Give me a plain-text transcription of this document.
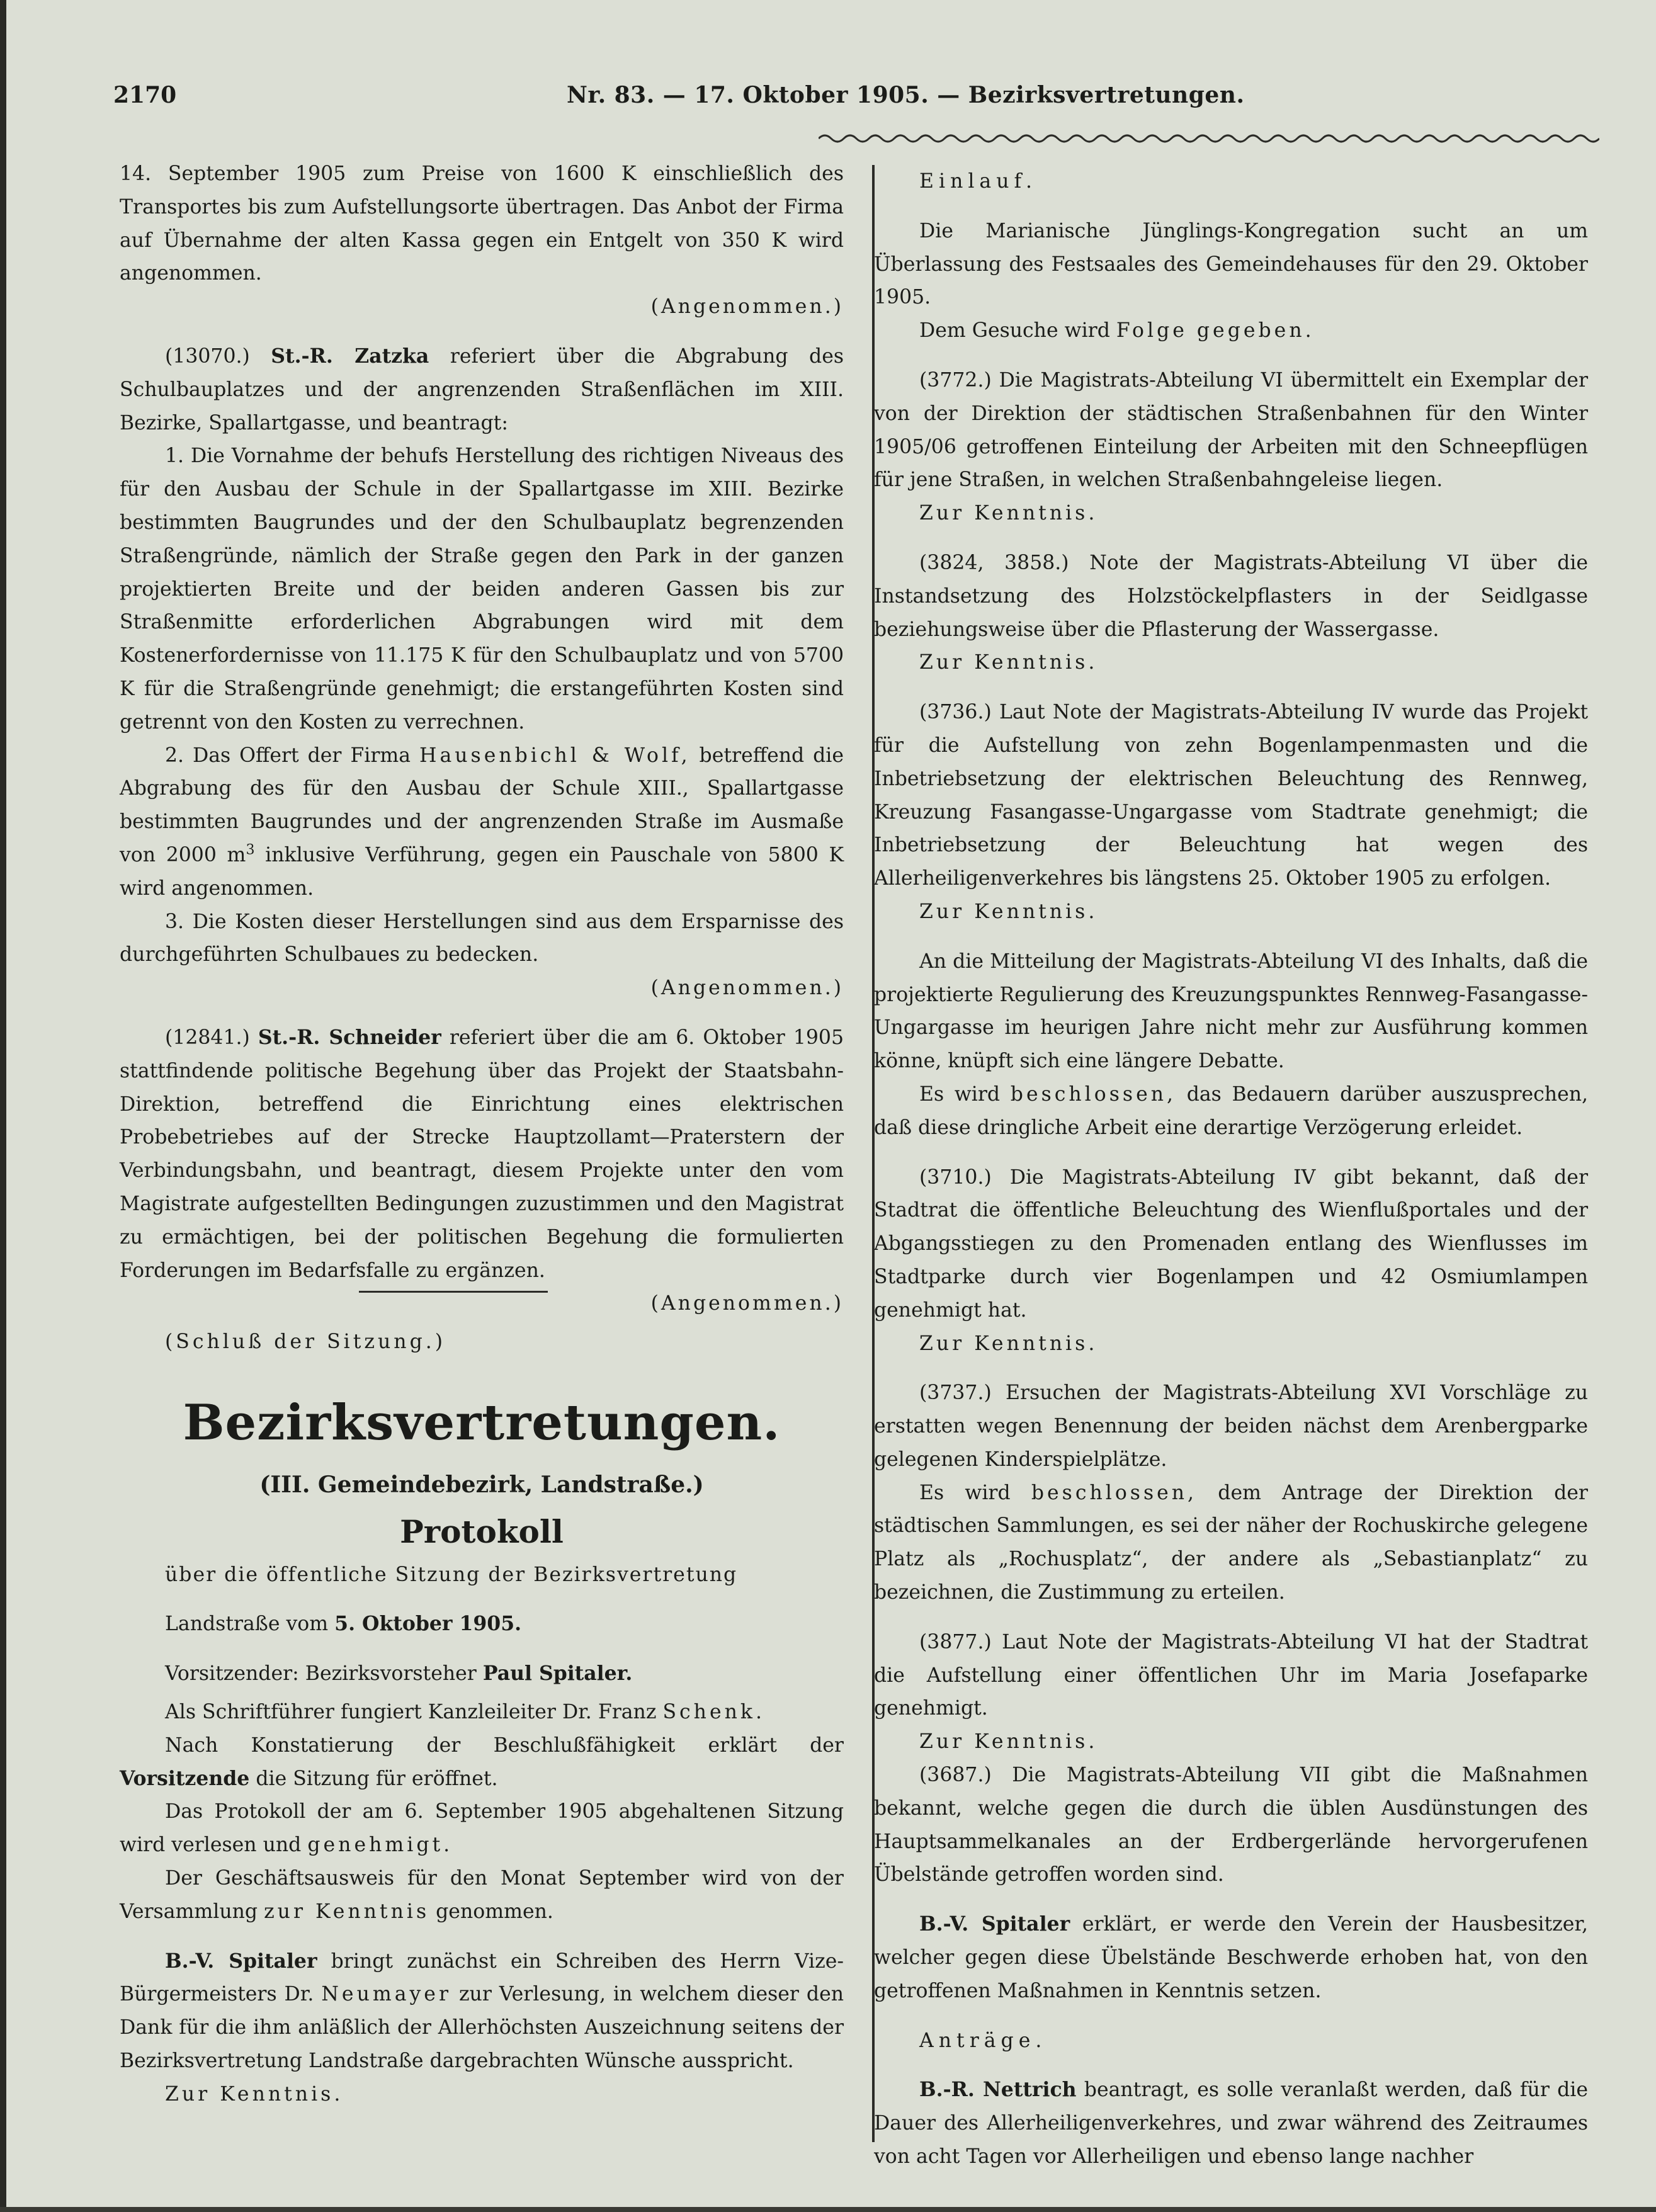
2170	Nr. 83. — 17. Oktober 1905. — Bezirksvertretungen.

14. September 1905 zum Preise von 1600 K einschließlich des Transportes bis zum Aufstellungsorte übertragen. Das Anbot der Firma auf Übernahme der alten Kassa gegen ein Entgelt von 350 K wird angenommen.
(Angenommen.)

(13070.) St.-R. Zatzka referiert über die Abgrabung des Schulbauplatzes und der angrenzenden Straßenflächen im XIII. Bezirke, Spallartgasse, und beantragt:

1. Die Vornahme der behufs Herstellung des richtigen Niveaus des für den Ausbau der Schule in der Spallartgasse im XIII. Bezirke bestimmten Baugrundes und der den Schulbauplatz begrenzenden Straßengründe, nämlich der Straße gegen den Park in der ganzen projektierten Breite und der beiden anderen Gassen bis zur Straßenmitte erforderlichen Abgrabungen wird mit dem Kostenerfordernisse von 11.175 K für den Schulbauplatz und von 5700 K für die Straßengründe genehmigt; die erstangeführten Kosten sind getrennt von den Kosten zu verrechnen.

2. Das Offert der Firma Hausenbichl & Wolf, betreffend die Abgrabung des für den Ausbau der Schule XIII., Spallartgasse bestimmten Baugrundes und der angrenzenden Straße im Ausmaße von 2000 $m^3$ inklusive Verführung, gegen ein Pauschale von 5800 K wird angenommen.

3. Die Kosten dieser Herstellungen sind aus dem Ersparnisse des durchgeführten Schulbaues zu bedecken.
(Angenommen.)

(12841.) St.-R. Schneider referiert über die am 6. Oktober 1905 stattfindende politische Begehung über das Projekt der Staatsbahn-Direktion, betreffend die Einrichtung eines elektrischen Probebetriebes auf der Strecke Hauptzollamt—Praterstern der Verbindungsbahn, und beantragt, diesem Projekte unter den vom Magistrate aufgestellten Bedingungen zuzustimmen und den Magistrat zu ermächtigen, bei der politischen Begehung die formulierten Forderungen im Bedarfsfalle zu ergänzen.
(Angenommen.)

(Schluß der Sitzung.)

Bezirksvertretungen.
(III. Gemeindebezirk, Landstraße.)
Protokoll

über die öffentliche Sitzung der Bezirksvertretung

Landstraße vom 5. Oktober 1905.

Vorsitzender: Bezirksvorsteher Paul Spitaler.

Als Schriftführer fungiert Kanzleileiter Dr. Franz Schenk.

Nach Konstatierung der Beschlußfähigkeit erklärt der Vorsitzende die Sitzung für eröffnet.

Das Protokoll der am 6. September 1905 abgehaltenen Sitzung wird verlesen und genehmigt.

Der Geschäftsausweis für den Monat September wird von der Versammlung zur Kenntnis genommen.

B.-V. Spitaler bringt zunächst ein Schreiben des Herrn Vize-Bürgermeisters Dr. Neumayer zur Verlesung, in welchem dieser den Dank für die ihm anläßlich der Allerhöchsten Auszeichnung seitens der Bezirksvertretung Landstraße dargebrachten Wünsche ausspricht.

Zur Kenntnis.

Einlauf.

Die Marianische Jünglings-Kongregation sucht an um Überlassung des Festsaales des Gemeindehauses für den 29. Oktober 1905.

Dem Gesuche wird Folge gegeben.

(3772.) Die Magistrats-Abteilung VI übermittelt ein Exemplar der von der Direktion der städtischen Straßenbahnen für den Winter 1905/06 getroffenen Einteilung der Arbeiten mit den Schneepflügen für jene Straßen, in welchen Straßenbahngeleise liegen.

Zur Kenntnis.

(3824, 3858.) Note der Magistrats-Abteilung VI über die Instandsetzung des Holzstöckelpflasters in der Seidlgasse beziehungsweise über die Pflasterung der Wassergasse.

Zur Kenntnis.

(3736.) Laut Note der Magistrats-Abteilung IV wurde das Projekt für die Aufstellung von zehn Bogenlampenmasten und die Inbetriebsetzung der elektrischen Beleuchtung des Rennweg, Kreuzung Fasangasse-Ungargasse vom Stadtrate genehmigt; die Inbetriebsetzung der Beleuchtung hat wegen des Allerheiligenverkehres bis längstens 25. Oktober 1905 zu erfolgen.

Zur Kenntnis.

An die Mitteilung der Magistrats-Abteilung VI des Inhalts, daß die projektierte Regulierung des Kreuzungspunktes Rennweg-Fasangasse-Ungargasse im heurigen Jahre nicht mehr zur Ausführung kommen könne, knüpft sich eine längere Debatte.

Es wird beschlossen, das Bedauern darüber auszusprechen, daß diese dringliche Arbeit eine derartige Verzögerung erleidet.

(3710.) Die Magistrats-Abteilung IV gibt bekannt, daß der Stadtrat die öffentliche Beleuchtung des Wienflußportales und der Abgangsstiegen zu den Promenaden entlang des Wienflusses im Stadtparke durch vier Bogenlampen und 42 Osmiumlampen genehmigt hat.

Zur Kenntnis.

(3737.) Ersuchen der Magistrats-Abteilung XVI Vorschläge zu erstatten wegen Benennung der beiden nächst dem Arenbergparke gelegenen Kinderspielplätze.

Es wird beschlossen, dem Antrage der Direktion der städtischen Sammlungen, es sei der näher der Rochuskirche gelegene Platz als „Rochusplatz“, der andere als „Sebastianplatz“ zu bezeichnen, die Zustimmung zu erteilen.

(3877.) Laut Note der Magistrats-Abteilung VI hat der Stadtrat die Aufstellung einer öffentlichen Uhr im Maria Josefaparke genehmigt.

Zur Kenntnis.

(3687.) Die Magistrats-Abteilung VII gibt die Maßnahmen bekannt, welche gegen die durch die üblen Ausdünstungen des Hauptsammelkanales an der Erdbergerlände hervorgerufenen Übelstände getroffen worden sind.

B.-V. Spitaler erklärt, er werde den Verein der Hausbesitzer, welcher gegen diese Übelstände Beschwerde erhoben hat, von den getroffenen Maßnahmen in Kenntnis setzen.

Anträge.

B.-R. Nettrich beantragt, es solle veranlaßt werden, daß für die Dauer des Allerheiligenverkehres, und zwar während des Zeitraumes von acht Tagen vor Allerheiligen und ebenso lange nachher
